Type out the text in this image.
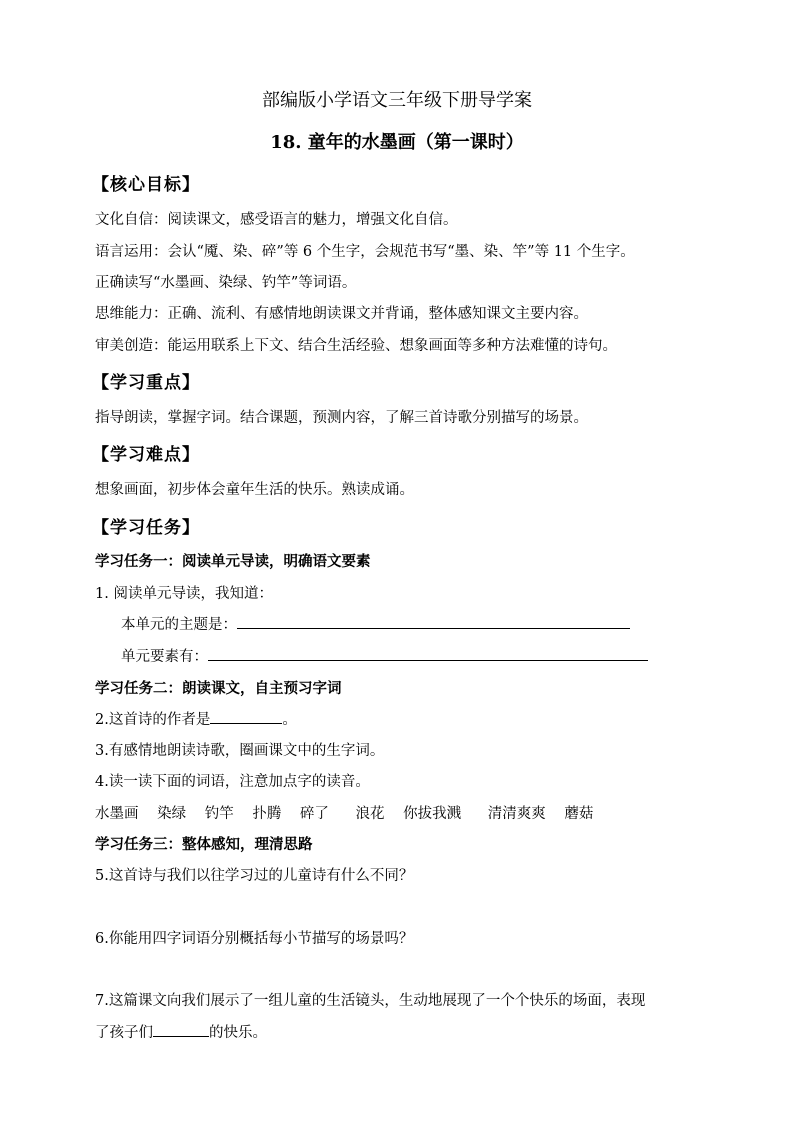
部编版小学语文三年级下册导学案
18. 童年的水墨画（第一课时）
【核心目标】
文化自信：阅读课文，感受语言的魅力，增强文化自信。
语言运用：会认“魇、染、碎”等 6 个生字，会规范书写“墨、染、竿”等 11 个生字。
正确读写“水墨画、染绿、钓竿”等词语。
思维能力：正确、流利、有感情地朗读课文并背诵，整体感知课文主要内容。
审美创造：能运用联系上下文、结合生活经验、想象画面等多种方法难懂的诗句。
【学习重点】
指导朗读，掌握字词。结合课题，预测内容，了解三首诗歌分别描写的场景。
【学习难点】
想象画面，初步体会童年生活的快乐。熟读成诵。
【学习任务】
学习任务一：阅读单元导读，明确语文要素
1. 阅读单元导读，我知道：
本单元的主题是：
单元要素有：
学习任务二：朗读课文，自主预习字词
2.这首诗的作者是	。
3.有感情地朗读诗歌，圈画课文中的生字词。
4.读一读下面的词语，注意加点字的读音。
水墨画 染绿 钓竿 扑腾 碎了 浪花 你拔我溅 清清爽爽 蘑菇
学习任务三：整体感知，理清思路
5.这首诗与我们以往学习过的儿童诗有什么不同？
6.你能用四字词语分别概括每小节描写的场景吗？
7.这篇课文向我们展示了一组儿童的生活镜头，生动地展现了一个个快乐的场面，表现
了孩子们	的快乐。
